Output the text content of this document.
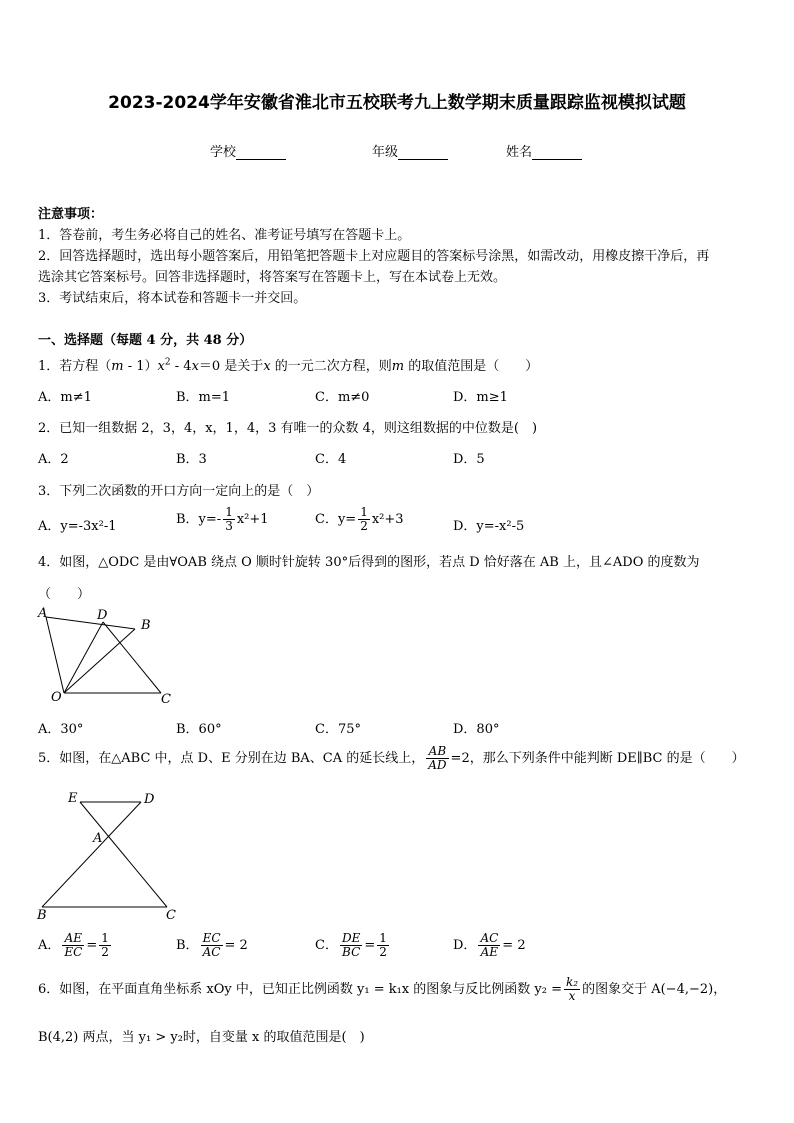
2023-2024学年安徽省淮北市五校联考九上数学期末质量跟踪监视模拟试题
学校	年级	姓名
注意事项：
1．答卷前，考生务必将自己的姓名、准考证号填写在答题卡上。
2．回答选择题时，选出每小题答案后，用铅笔把答题卡上对应题目的答案标号涂黑，如需改动，用橡皮擦干净后，再
选涂其它答案标号。回答非选择题时，将答案写在答题卡上，写在本试卷上无效。
3．考试结束后，将本试卷和答题卡一并交回。
一、选择题（每题 4 分，共 48 分）
1．若方程$(m - 1)x^2 - 4x=0$ 是关于x 的一元二次方程，则m 的取值范围是（　　）
A．m≠1	B．m=1	C．m≠0	D．m≥1
2．已知一组数据 2，3，4，x，1，4，3 有唯一的众数 4，则这组数据的中位数是(　)
A．2	B．3	C．4	D．5
3．下列二次函数的开口方向一定向上的是（　）
A．y=-3x²-1	B．$y=- \frac{1}{3} x^2+1$	C．$y= \frac{1}{2} x^2+3$	D．y=-x²-5
4．如图，△ODC 是由∀OAB 绕点 O 顺时针旋转 30°后得到的图形，若点 D 恰好落在 AB 上，且∠ADO 的度数为
（　　）
A	D
B
O	C
A．30°	B．60°	C．75°	D．80°
5．如图，在△ABC 中，点 D、E 分别在边 BA、CA 的延长线上， $\frac{AB}{AD} =2$，那么下列条件中能判断 DE∥BC 的是（　　）
E	D
A
B	C
A． $\frac{AE}{EC} = \frac{1}{2}$	B． $\frac{EC}{AC} = 2$	C． $\frac{DE}{BC} = \frac{1}{2}$	D． $\frac{AC}{AE} = 2$
6．如图，在平面直角坐标系 xOy 中，已知正比例函数 y₁ = k₁x 的图象与反比例函数 $y_2 = \frac{\text{k₂}}{x}$ 的图象交于 A(−4,−2)，
B(4,2) 两点，当 y₁ > y₂时，自变量 x 的取值范围是(　)
